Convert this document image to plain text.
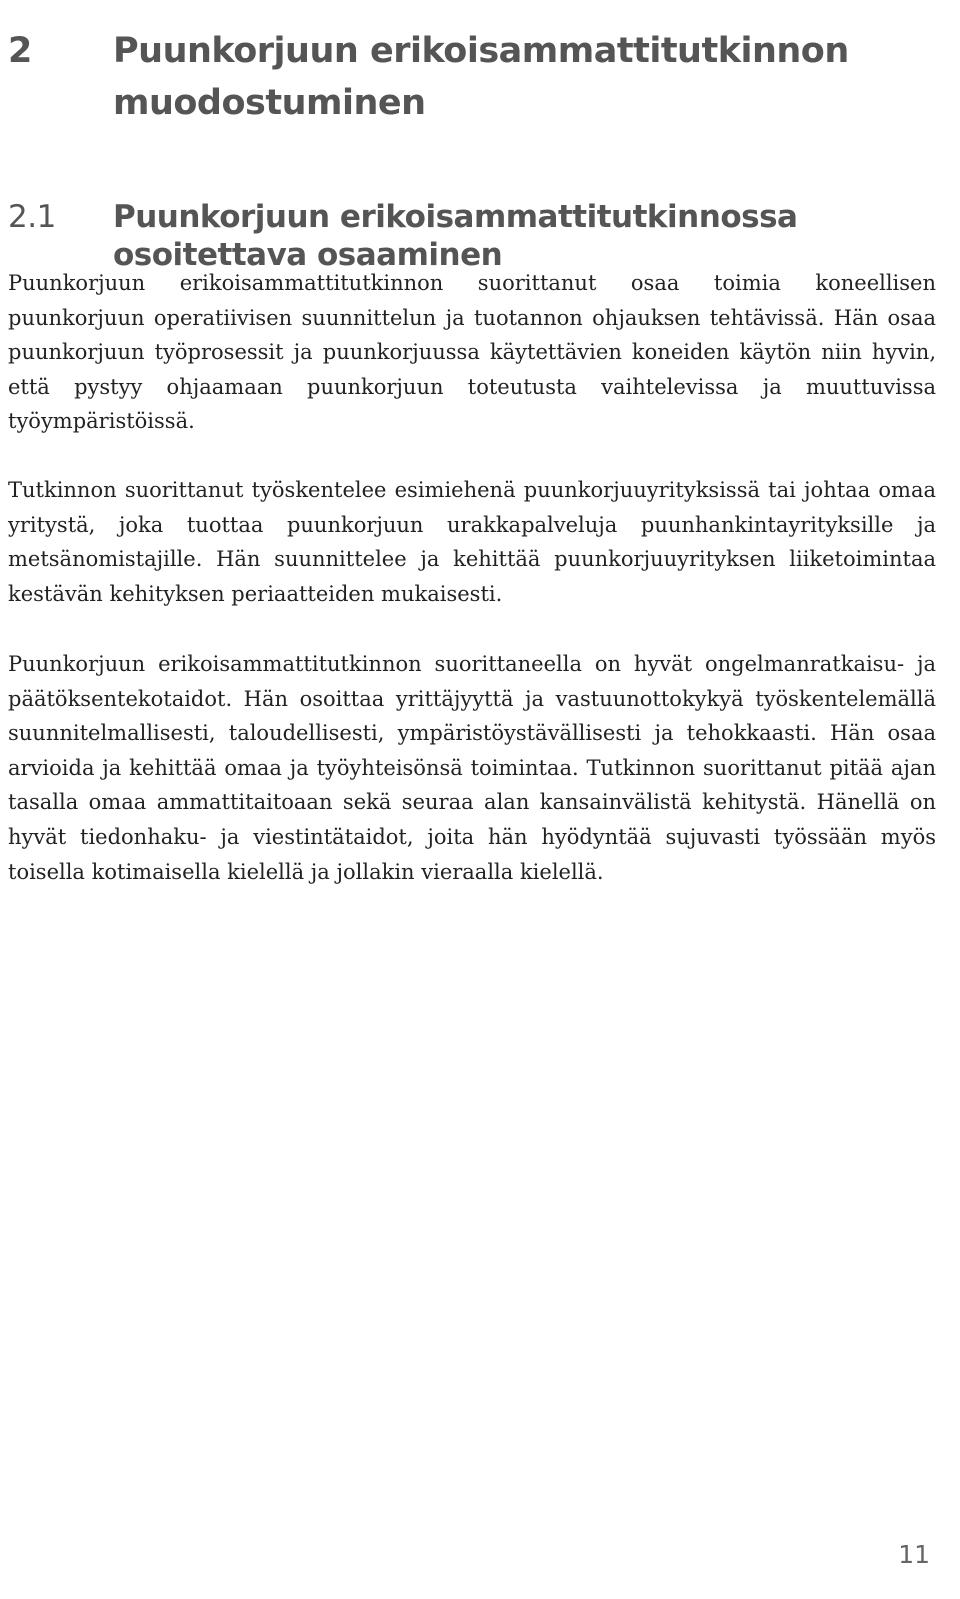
2 Puunkorjuun erikoisammattitutkinnon muodostuminen
2.1 Puunkorjuun erikoisammattitutkinnossa osoitettava osaaminen

Puunkorjuun erikoisammattitutkinnon suorittanut osaa toimia koneellisen puunkorjuun operatiivisen suunnittelun ja tuotannon ohjauksen tehtävissä. Hän osaa puunkorjuun työprosessit ja puunkorjuussa käytettävien koneiden käytön niin hyvin, että pystyy ohjaamaan puunkorjuun toteutusta vaihtelevissa ja muuttuvissa työympäristöissä.

Tutkinnon suorittanut työskentelee esimiehenä puunkorjuuyrityksissä tai johtaa omaa yritystä, joka tuottaa puunkorjuun urakkapalveluja puunhankintayrityksille ja metsänomistajille. Hän suunnittelee ja kehittää puunkorjuuyrityksen liiketoimintaa kestävän kehityksen periaatteiden mukaisesti.

Puunkorjuun erikoisammattitutkinnon suorittaneella on hyvät ongelmanratkaisu- ja päätöksentekotaidot. Hän osoittaa yrittäjyyttä ja vastuunottokykyä työskentelemällä suunnitelmallisesti, taloudellisesti, ympäristöystävällisesti ja tehokkaasti. Hän osaa arvioida ja kehittää omaa ja työyhteisönsä toimintaa. Tutkinnon suorittanut pitää ajan tasalla omaa ammattitaitoaan sekä seuraa alan kansainvälistä kehitystä. Hänellä on hyvät tiedonhaku- ja viestintätaidot, joita hän hyödyntää sujuvasti työssään myös toisella kotimaisella kielellä ja jollakin vieraalla kielellä.

11
